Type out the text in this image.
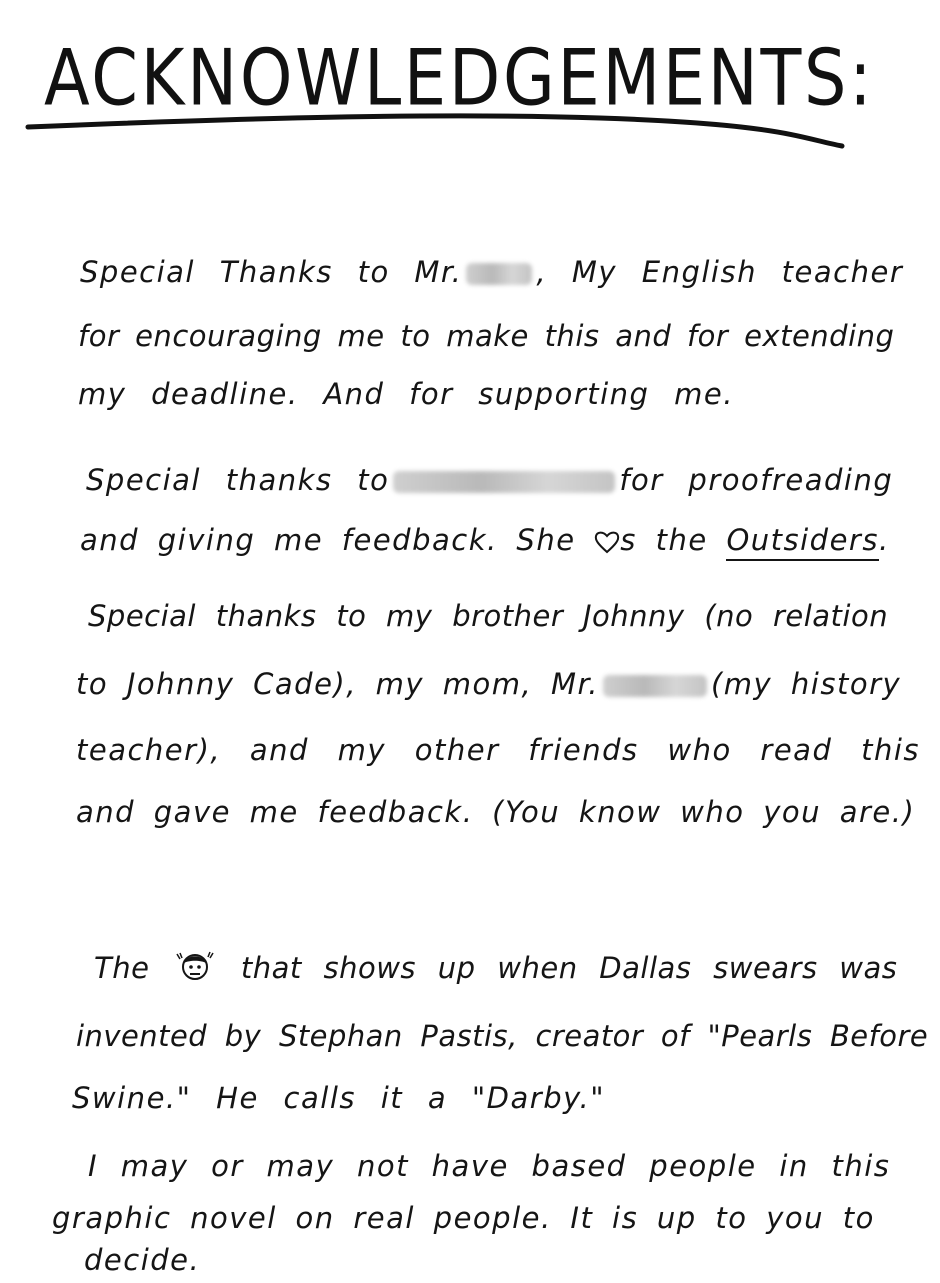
ACKNOWLEDGEMENTS:
Special Thanks to Mr.	, My English teacher
for encouraging me to make this and for extending
my deadline. And for supporting me.
Special thanks to	for proofreading
and giving me feedback. She s the Outsiders.
Special thanks to my brother Johnny (no relation
to Johnny Cade), my mom, Mr.	(my history
teacher), and my other friends who read this
and gave me feedback. (You know who you are.)
The	that shows up when Dallas swears was
invented by Stephan Pastis, creator of "Pearls Before
Swine." He calls it a "Darby."
I may or may not have based people in this
graphic novel on real people. It is up to you to
decide.
